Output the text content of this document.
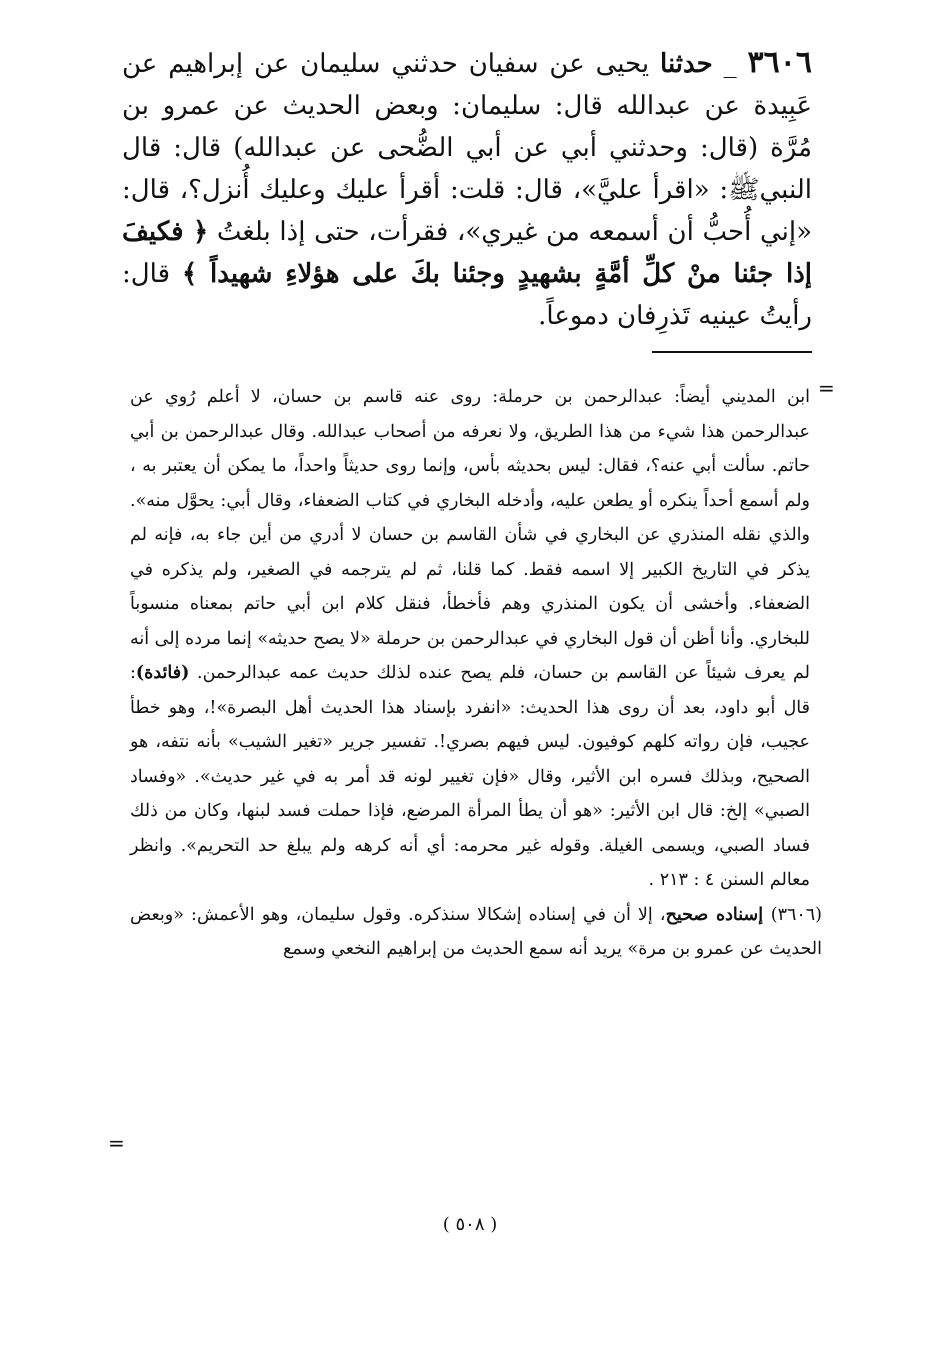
٣٦٠٦ _ حدثنا يحيى عن سفيان حدثني سليمان عن إبراهيم عن عَبِيدة عن عبدالله قال: سليمان: وبعض الحديث عن عمرو بن مُرَّة (قال: وحدثني أبي عن أبي الضُّحى عن عبدالله) قال: قال النبيﷺ: «اقرأ عليَّ»، قال: قلت: أقرأ عليك وعليك أُنزل؟، قال: «إني أُحبُّ أن أسمعه من غيري»، فقرأت، حتى إذا بلغتُ ﴿ فكيفَ إذا جئنا منْ كلِّ أمَّةٍ بشهيدٍ وجئنا بكَ على هؤلاءِ شهيداً ﴾ قال: رأيتُ عينيه تَذرِفان دموعاً.

=

ابن المديني أيضاً: عبدالرحمن بن حرملة: روى عنه قاسم بن حسان، لا أعلم رُوي عن عبدالرحمن هذا شيء من هذا الطريق، ولا نعرفه من أصحاب عبدالله. وقال عبدالرحمن بن أبي حاتم. سألت أبي عنه؟، فقال: ليس بحديثه بأس، وإنما روى حديثاً واحداً، ما يمكن أن يعتبر به ، ولم أسمع أحداً ينكره أو يطعن عليه، وأدخله البخاري في كتاب الضعفاء، وقال أبي: يحوَّل منه». والذي نقله المنذري عن البخاري في شأن القاسم بن حسان لا أدري من أين جاء به، فإنه لم يذكر في التاريخ الكبير إلا اسمه فقط. كما قلنا، ثم لم يترجمه في الصغير، ولم يذكره في الضعفاء. وأخشى أن يكون المنذري وهم فأخطأ، فنقل كلام ابن أبي حاتم بمعناه منسوباً للبخاري. وأنا أظن أن قول البخاري في عبدالرحمن بن حرملة «لا يصح حديثه» إنما مرده إلى أنه لم يعرف شيئاً عن القاسم بن حسان، فلم يصح عنده لذلك حديث عمه عبدالرحمن. (فائدة): قال أبو داود، بعد أن روى هذا الحديث: «انفرد بإسناد هذا الحديث أهل البصرة»!، وهو خطأ عجيب، فإن رواته كلهم كوفيون. ليس فيهم بصري!. تفسير جرير «تغير الشيب» بأنه نتفه، هو الصحيح، وبذلك فسره ابن الأثير، وقال «فإن تغيير لونه قد أمر به في غير حديث». «وفساد الصبي» إلخ: قال ابن الأثير: «هو أن يطأ المرأة المرضع، فإذا حملت فسد لبنها، وكان من ذلك فساد الصبي، ويسمى الغيلة. وقوله غير محرمه: أي أنه كرهه ولم يبلغ حد التحريم». وانظر معالم السنن ٤ : ٢١٣ .

(٣٦٠٦) إسناده صحيح، إلا أن في إسناده إشكالا سنذكره. وقول سليمان، وهو الأعمش: «وبعض الحديث عن عمرو بن مرة» يريد أنه سمع الحديث من إبراهيم النخعي وسمع

=
( ٥٠٨ )
